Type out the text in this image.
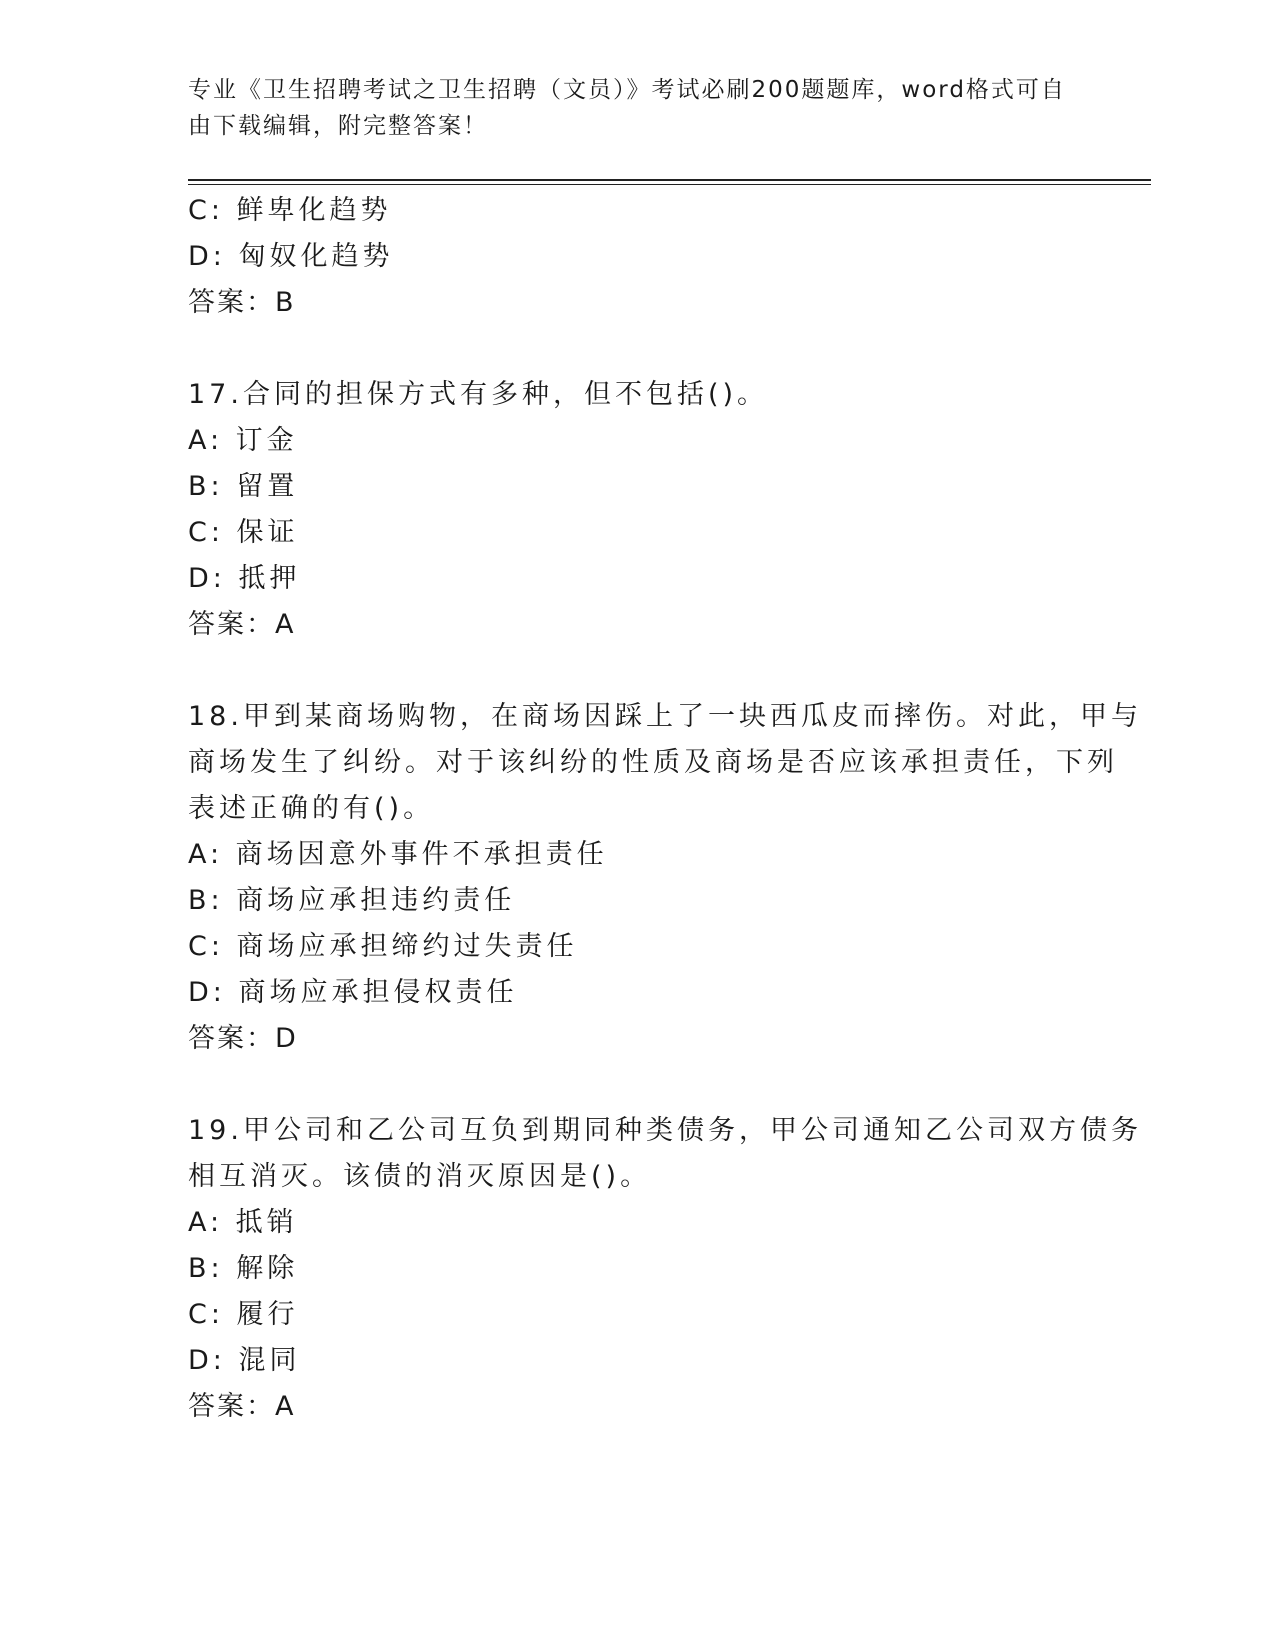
专业《卫生招聘考试之卫生招聘（文员）》考试必刷200题题库，word格式可自
由下载编辑，附完整答案！
C: 鲜卑化趋势
D: 匈奴化趋势
答案：B
17.合同的担保方式有多种，但不包括()。
A: 订金
B: 留置
C: 保证
D: 抵押
答案：A
18.甲到某商场购物，在商场因踩上了一块西瓜皮而摔伤。对此，甲与
商场发生了纠纷。对于该纠纷的性质及商场是否应该承担责任，下列
表述正确的有()。
A: 商场因意外事件不承担责任
B: 商场应承担违约责任
C: 商场应承担缔约过失责任
D: 商场应承担侵权责任
答案：D
19.甲公司和乙公司互负到期同种类债务，甲公司通知乙公司双方债务
相互消灭。该债的消灭原因是()。
A: 抵销
B: 解除
C: 履行
D: 混同
答案：A
